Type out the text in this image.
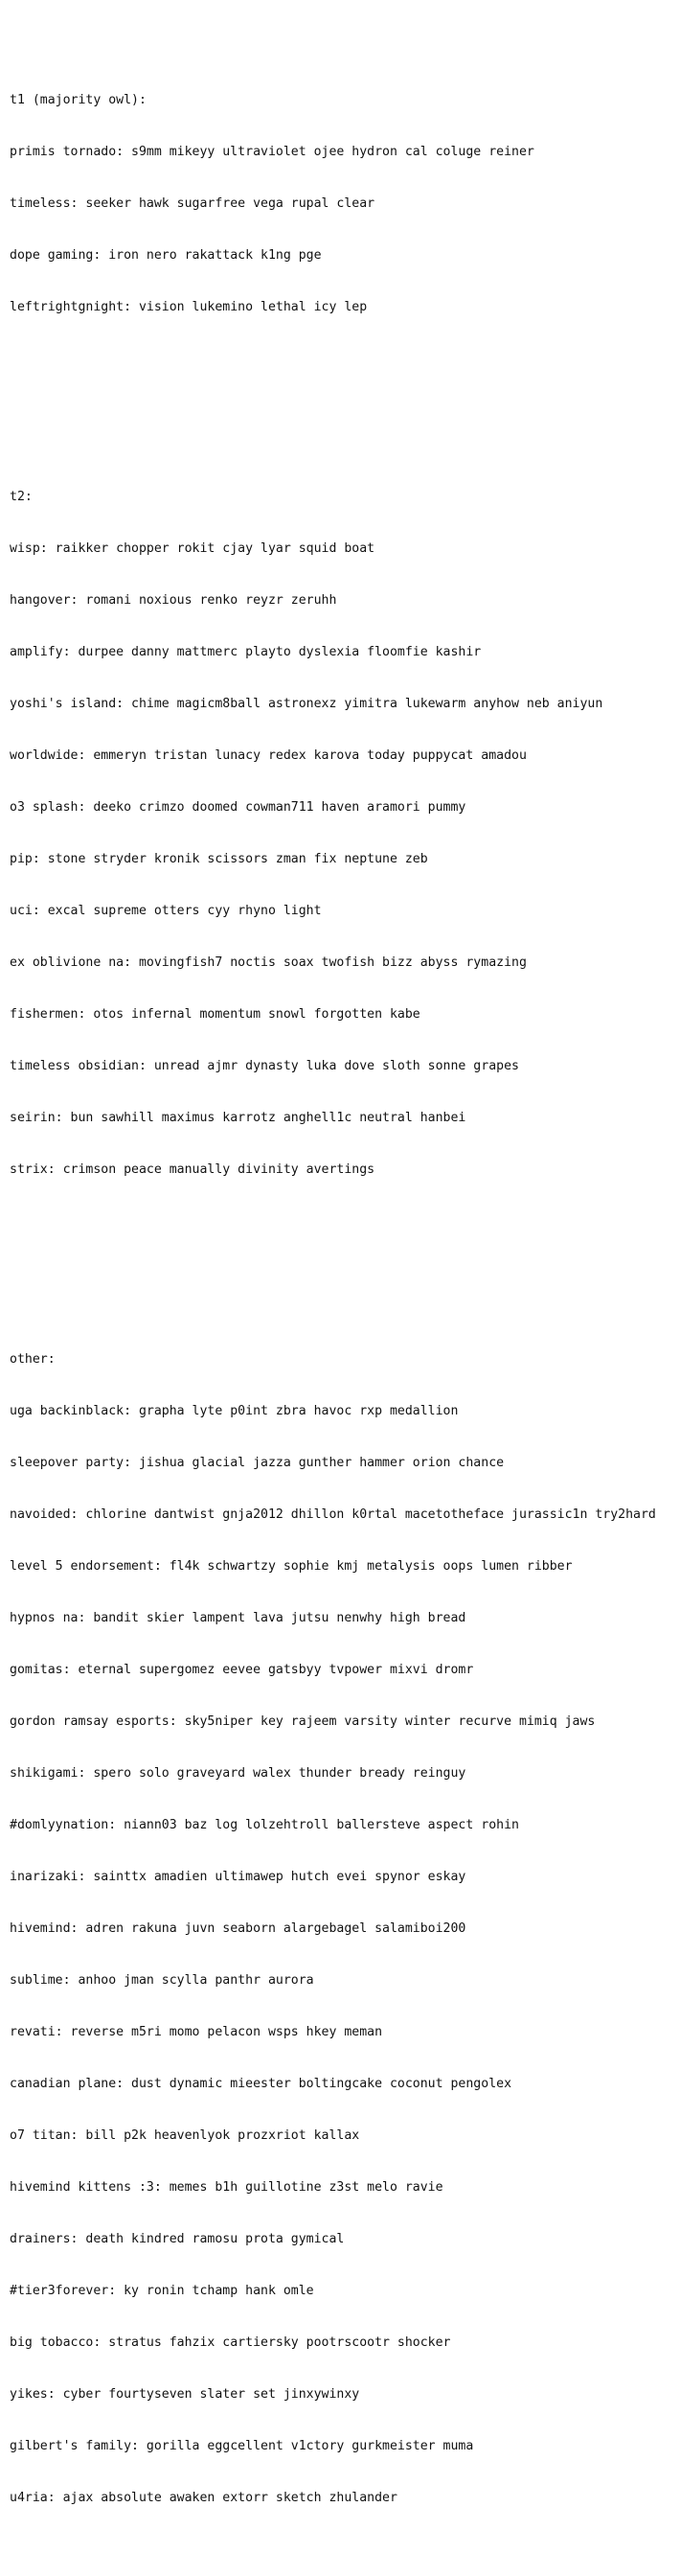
t1 (majority owl):

primis tornado: s9mm mikeyy ultraviolet ojee hydron cal coluge reiner

timeless: seeker hawk sugarfree vega rupal clear

dope gaming: iron nero rakattack k1ng pge

leftrightgnight: vision lukemino lethal icy lep

t2:

wisp: raikker chopper rokit cjay lyar squid boat

hangover: romani noxious renko reyzr zeruhh

amplify: durpee danny mattmerc playto dyslexia floomfie kashir

yoshi's island: chime magicm8ball astronexz yimitra lukewarm anyhow neb aniyun

worldwide: emmeryn tristan lunacy redex karova today puppycat amadou

o3 splash: deeko crimzo doomed cowman711 haven aramori pummy

pip: stone stryder kronik scissors zman fix neptune zeb

uci: excal supreme otters cyy rhyno light

ex oblivione na: movingfish7 noctis soax twofish bizz abyss rymazing

fishermen: otos infernal momentum snowl forgotten kabe

timeless obsidian: unread ajmr dynasty luka dove sloth sonne grapes

seirin: bun sawhill maximus karrotz anghell1c neutral hanbei

strix: crimson peace manually divinity avertings

other:

uga backinblack: grapha lyte p0int zbra havoc rxp medallion

sleepover party: jishua glacial jazza gunther hammer orion chance

navoided: chlorine dantwist gnja2012 dhillon k0rtal macetotheface jurassic1n try2hard

level 5 endorsement: fl4k schwartzy sophie kmj metalysis oops lumen ribber

hypnos na: bandit skier lampent lava jutsu nenwhy high bread

gomitas: eternal supergomez eevee gatsbyy tvpower mixvi dromr

gordon ramsay esports: sky5niper key rajeem varsity winter recurve mimiq jaws

shikigami: spero solo graveyard walex thunder bready reinguy

#domlyynation: niann03 baz log lolzehtroll ballersteve aspect rohin

inarizaki: sainttx amadien ultimawep hutch evei spynor eskay

hivemind: adren rakuna juvn seaborn alargebagel salamiboi200

sublime: anhoo jman scylla panthr aurora

revati: reverse m5ri momo pelacon wsps hkey meman

canadian plane: dust dynamic mieester boltingcake coconut pengolex

o7 titan: bill p2k heavenlyok prozxriot kallax

hivemind kittens :3: memes b1h guillotine z3st melo ravie

drainers: death kindred ramosu prota gymical

#tier3forever: ky ronin tchamp hank omle

big tobacco: stratus fahzix cartiersky pootrscootr shocker

yikes: cyber fourtyseven slater set jinxywinxy

gilbert's family: gorilla eggcellent v1ctory gurkmeister muma

u4ria: ajax absolute awaken extorr sketch zhulander
